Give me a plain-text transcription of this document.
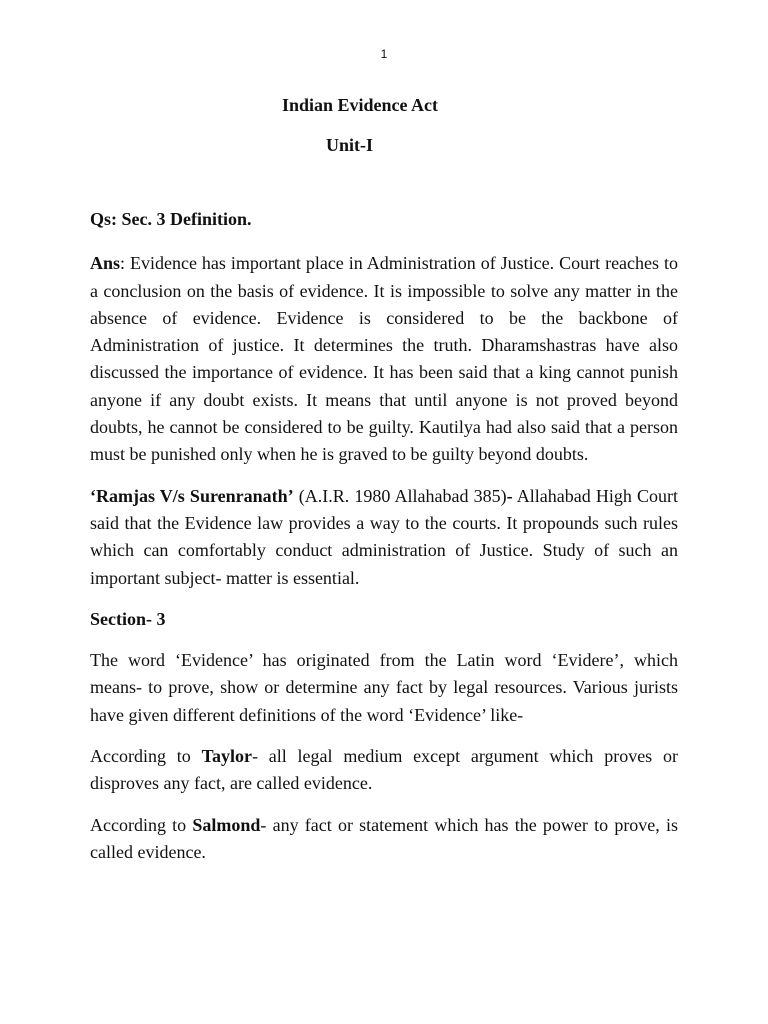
1
Indian Evidence Act
Unit-I

Qs: Sec. 3 Definition.

Ans: Evidence has important place in Administration of Justice. Court reaches to a conclusion on the basis of evidence. It is impossible to solve any matter in the absence of evidence. Evidence is considered to be the backbone of Administration of justice. It determines the truth. Dharamshastras have also discussed the importance of evidence. It has been said that a king cannot punish anyone if any doubt exists. It means that until anyone is not proved beyond doubts, he cannot be considered to be guilty. Kautilya had also said that a person must be punished only when he is graved to be guilty beyond doubts.

‘Ramjas V/s Surenranath’ (A.I.R. 1980 Allahabad 385)- Allahabad High Court said that the Evidence law provides a way to the courts. It propounds such rules which can comfortably conduct administration of Justice. Study of such an important subject- matter is essential.

Section- 3

The word ‘Evidence’ has originated from the Latin word ‘Evidere’, which means- to prove, show or determine any fact by legal resources. Various jurists have given different definitions of the word ‘Evidence’ like-

According to Taylor- all legal medium except argument which proves or disproves any fact, are called evidence.

According to Salmond- any fact or statement which has the power to prove, is called evidence.
